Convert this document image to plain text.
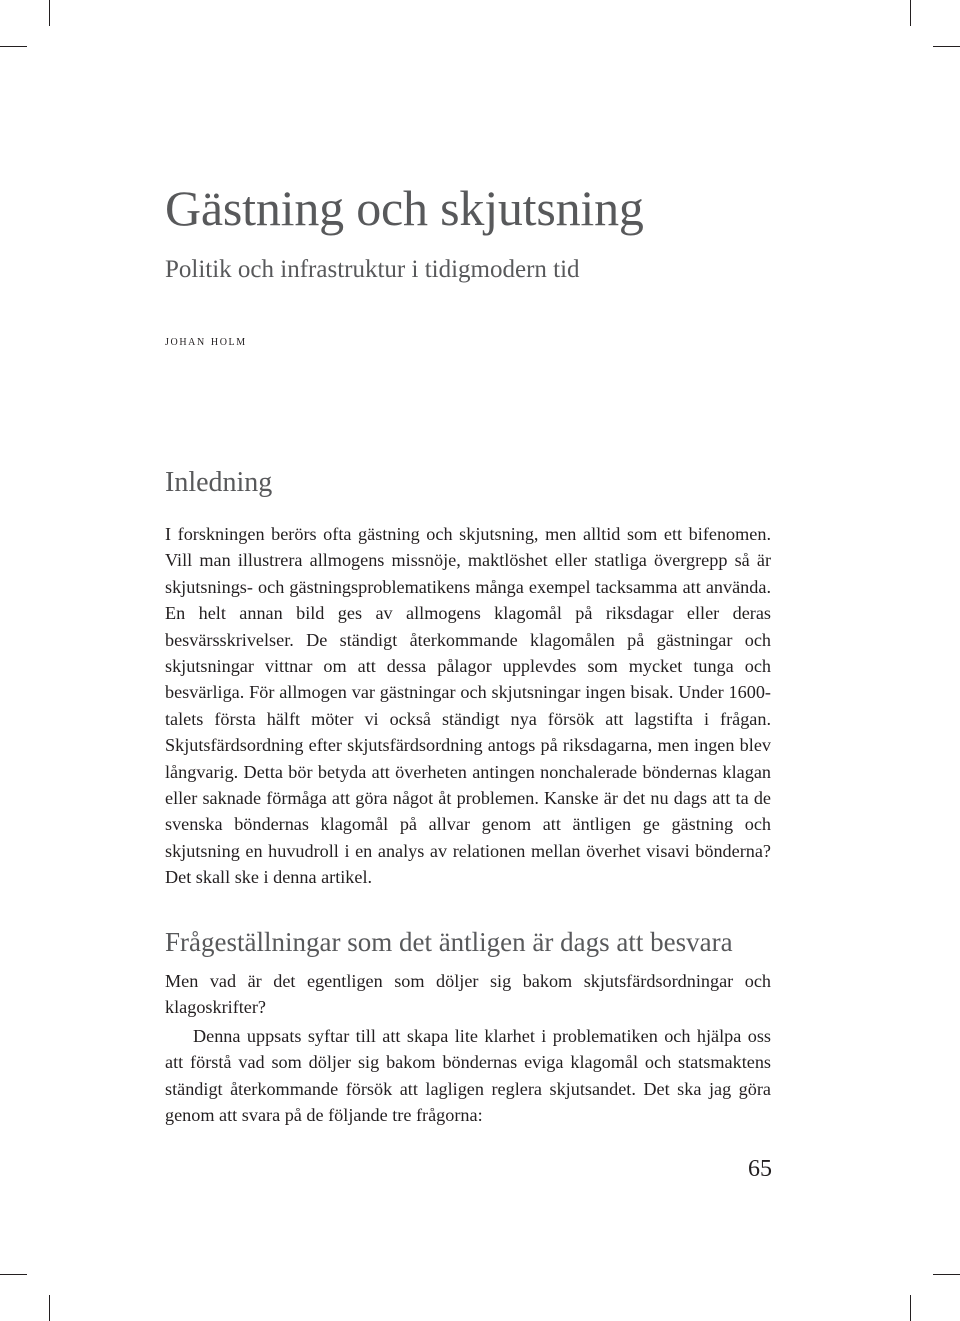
Gästning och skjutsning
Politik och infrastruktur i tidigmodern tid

johan holm

Inledning

I forskningen berörs ofta gästning och skjutsning, men alltid som ett bifenomen. Vill man illustrera allmogens missnöje, maktlöshet eller statliga övergrepp så är skjutsnings- och gästningsproblematikens många exempel tacksamma att använda. En helt annan bild ges av allmogens klagomål på riksdagar eller deras besvärsskrivelser. De ständigt återkommande klagomålen på gästningar och skjutsningar vittnar om att dessa pålagor upplevdes som mycket tunga och besvärliga. För allmogen var gästningar och skjutsningar ingen bisak. Under 1600-talets första hälft möter vi också ständigt nya försök att lagstifta i frågan. Skjutsfärdsordning efter skjutsfärdsordning antogs på riksdagarna, men ingen blev långvarig. Detta bör betyda att överheten antingen nonchalerade böndernas klagan eller saknade förmåga att göra något åt problemen. Kanske är det nu dags att ta de svenska böndernas klagomål på allvar genom att äntligen ge gästning och skjutsning en huvudroll i en analys av relationen mellan överhet visavi bönderna? Det skall ske i denna artikel.

Frågeställningar som det äntligen är dags att besvara

Men vad är det egentligen som döljer sig bakom skjutsfärdsordningar och klagoskrifter?

Denna uppsats syftar till att skapa lite klarhet i problematiken och hjälpa oss att förstå vad som döljer sig bakom böndernas eviga klagomål och statsmaktens ständigt återkommande försök att lagligen reglera skjutsandet. Det ska jag göra genom att svara på de följande tre frågorna:

65
